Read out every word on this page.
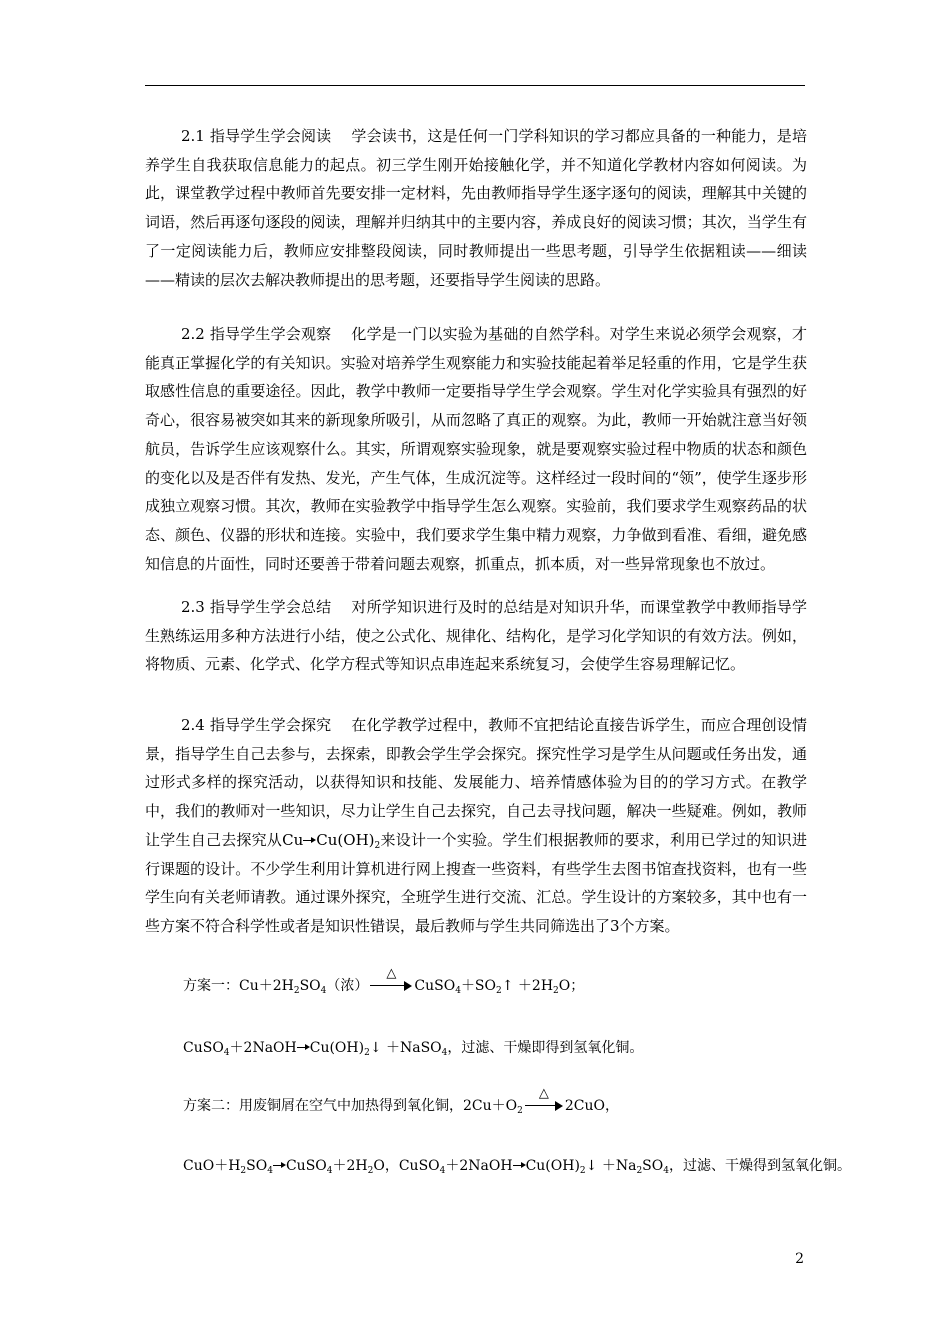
2.1 指导学生学会阅读 学会读书，这是任何一门学科知识的学习都应具备的一种能力，是培养学生自我获取信息能力的起点。初三学生刚开始接触化学，并不知道化学教材内容如何阅读。为此，课堂教学过程中教师首先要安排一定材料，先由教师指导学生逐字逐句的阅读，理解其中关键的词语，然后再逐句逐段的阅读，理解并归纳其中的主要内容，养成良好的阅读习惯；其次，当学生有了一定阅读能力后，教师应安排整段阅读，同时教师提出一些思考题，引导学生依据粗读——细读——精读的层次去解决教师提出的思考题，还要指导学生阅读的思路。

2.2 指导学生学会观察 化学是一门以实验为基础的自然学科。对学生来说必须学会观察，才能真正掌握化学的有关知识。实验对培养学生观察能力和实验技能起着举足轻重的作用，它是学生获取感性信息的重要途径。因此，教学中教师一定要指导学生学会观察。学生对化学实验具有强烈的好奇心，很容易被突如其来的新现象所吸引，从而忽略了真正的观察。为此，教师一开始就注意当好领航员，告诉学生应该观察什么。其实，所谓观察实验现象，就是要观察实验过程中物质的状态和颜色的变化以及是否伴有发热、发光，产生气体，生成沉淀等。这样经过一段时间的“领”，使学生逐步形成独立观察习惯。其次，教师在实验教学中指导学生怎么观察。实验前，我们要求学生观察药品的状态、颜色、仪器的形状和连接。实验中，我们要求学生集中精力观察，力争做到看准、看细，避免感知信息的片面性，同时还要善于带着问题去观察，抓重点，抓本质，对一些异常现象也不放过。

2.3 指导学生学会总结 对所学知识进行及时的总结是对知识升华，而课堂教学中教师指导学生熟练运用多种方法进行小结，使之公式化、规律化、结构化，是学习化学知识的有效方法。例如，将物质、元素、化学式、化学方程式等知识点串连起来系统复习，会使学生容易理解记忆。

2.4 指导学生学会探究 在化学教学过程中，教师不宜把结论直接告诉学生，而应合理创设情景，指导学生自己去参与，去探索，即教会学生学会探究。探究性学习是学生从问题或任务出发，通过形式多样的探究活动，以获得知识和技能、发展能力、培养情感体验为目的的学习方式。在教学中，我们的教师对一些知识，尽力让学生自己去探究，自己去寻找问题，解决一些疑难。例如，教师让学生自己去探究从Cu $Cu(OH)_2$来设计一个实验。学生们根据教师的要求，利用已学过的知识进行课题的设计。不少学生利用计算机进行网上搜查一些资料，有些学生去图书馆查找资料，也有一些学生向有关老师请教。通过课外探究，全班学生进行交流、汇总。学生设计的方案较多，其中也有一些方案不符合科学性或者是知识性错误，最后教师与学生共同筛选出了3个方案。

方案一：$Cu+2H_2SO_4$（浓）
△
$CuSO_4+SO_2↑ +2H_2O$；
CuSO$_4$＋2NaOH $Cu(OH)_2↓$ ＋NaSO$_4$，过滤、干燥即得到氢氧化铜。
方案二：用废铜屑在空气中加热得到氧化铜，$2Cu+O_2$
△
2CuO，
$CuO+H_2SO_4$ $CuSO_4+2H_2O$，CuSO$_4$＋2NaOH $Cu(OH)_2↓ +Na_2SO_4$，过滤、干燥得到氢氧化铜。
2
